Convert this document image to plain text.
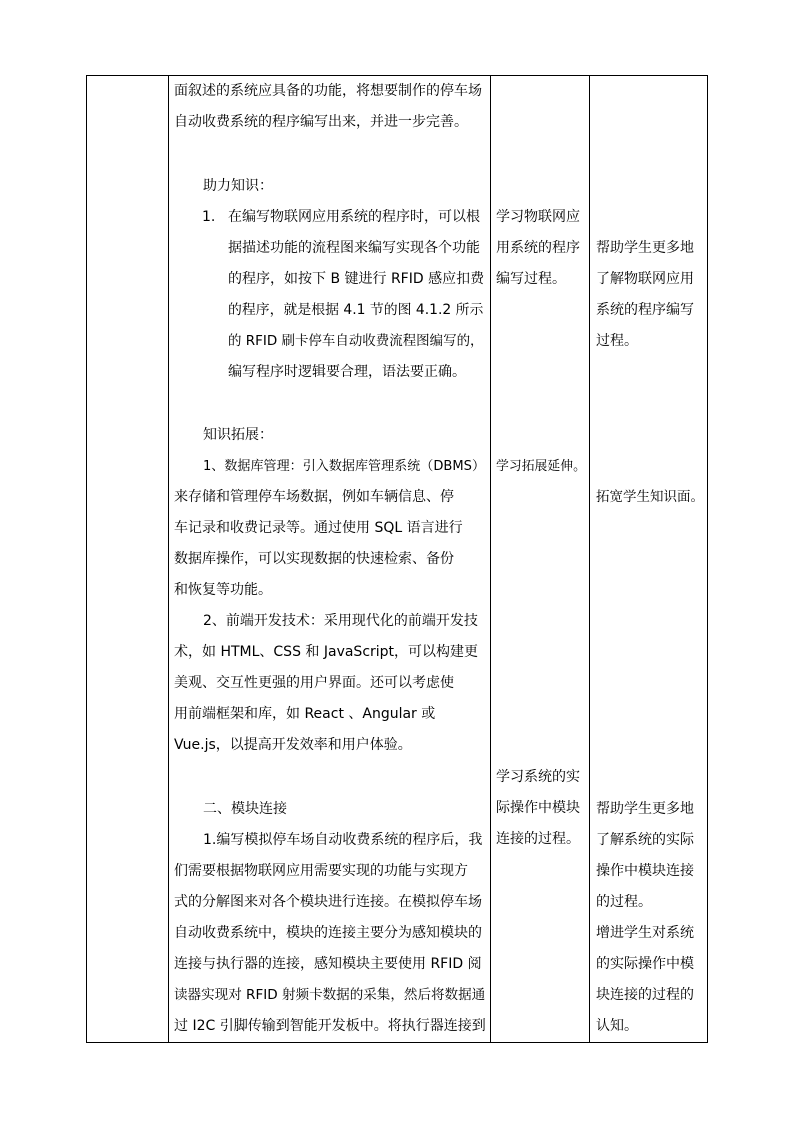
面叙述的系统应具备的功能，将想要制作的停车场
自动收费系统的程序编写出来，并进一步完善。
助力知识：
1. 在编写物联网应用系统的程序时，可以根
据描述功能的流程图来编写实现各个功能
的程序，如按下 B 键进行 RFID 感应扣费
的程序，就是根据 4.1 节的图 4.1.2 所示
的 RFID 刷卡停车自动收费流程图编写的，
编写程序时逻辑要合理，语法要正确。
知识拓展：
1、数据库管理：引入数据库管理系统（DBMS）
来存储和管理停车场数据，例如车辆信息、停
车记录和收费记录等。通过使用 SQL 语言进行
数据库操作，可以实现数据的快速检索、备份
和恢复等功能。
2、前端开发技术：采用现代化的前端开发技
术，如 HTML、CSS 和 JavaScript，可以构建更
美观、交互性更强的用户界面。还可以考虑使
用前端框架和库，如 React 、Angular 或
Vue.js，以提高开发效率和用户体验。
二、模块连接
1.编写模拟停车场自动收费系统的程序后，我
们需要根据物联网应用需要实现的功能与实现方
式的分解图来对各个模块进行连接。在模拟停车场
自动收费系统中，模块的连接主要分为感知模块的
连接与执行器的连接，感知模块主要使用 RFID 阅
读器实现对 RFID 射频卡数据的采集，然后将数据通
过 I2C 引脚传输到智能开发板中。将执行器连接到
学习物联网应
用系统的程序
编写过程。
学习拓展延伸。
学习系统的实
际操作中模块
连接的过程。
帮助学生更多地
了解物联网应用
系统的程序编写
过程。
拓宽学生知识面。
帮助学生更多地
了解系统的实际
操作中模块连接
的过程。
增进学生对系统
的实际操作中模
块连接的过程的
认知。
